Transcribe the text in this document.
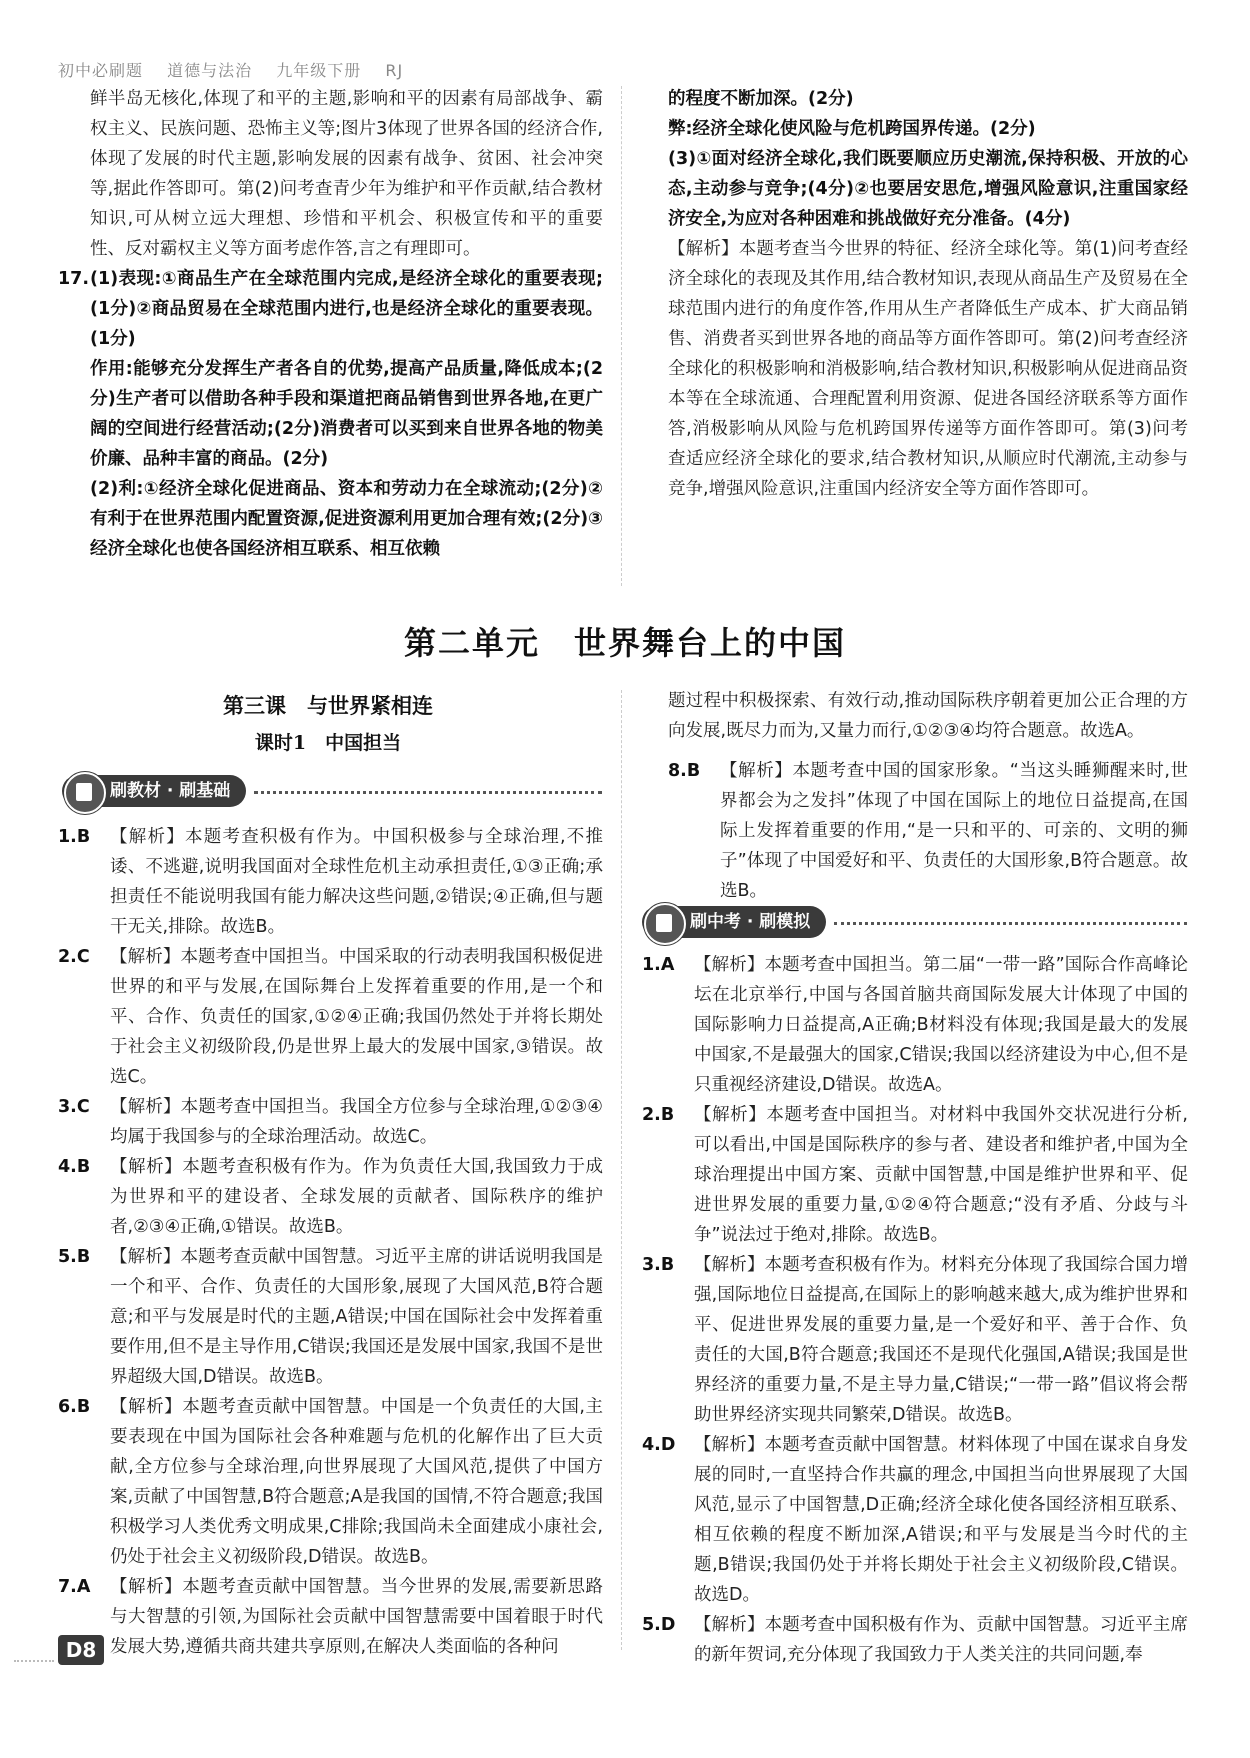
初中必刷题 道德与法治 九年级下册 RJ

鲜半岛无核化,体现了和平的主题,影响和平的因素有局部战争、霸权主义、民族问题、恐怖主义等;图片3体现了世界各国的经济合作,体现了发展的时代主题,影响发展的因素有战争、贫困、社会冲突等,据此作答即可。第(2)问考查青少年为维护和平作贡献,结合教材知识,可从树立远大理想、珍惜和平机会、积极宣传和平的重要性、反对霸权主义等方面考虑作答,言之有理即可。

17. (1)表现:①商品生产在全球范围内完成,是经济全球化的重要表现;(1分)②商品贸易在全球范围内进行,也是经济全球化的重要表现。(1分)

作用:能够充分发挥生产者各自的优势,提高产品质量,降低成本;(2分)生产者可以借助各种手段和渠道把商品销售到世界各地,在更广阔的空间进行经营活动;(2分)消费者可以买到来自世界各地的物美价廉、品种丰富的商品。(2分)

(2)利:①经济全球化促进商品、资本和劳动力在全球流动;(2分)②有利于在世界范围内配置资源,促进资源利用更加合理有效;(2分)③经济全球化也使各国经济相互联系、相互依赖

的程度不断加深。(2分)

弊:经济全球化使风险与危机跨国界传递。(2分)

(3)①面对经济全球化,我们既要顺应历史潮流,保持积极、开放的心态,主动参与竞争;(4分)②也要居安思危,增强风险意识,注重国家经济安全,为应对各种困难和挑战做好充分准备。(4分)

【解析】本题考查当今世界的特征、经济全球化等。第(1)问考查经济全球化的表现及其作用,结合教材知识,表现从商品生产及贸易在全球范围内进行的角度作答,作用从生产者降低生产成本、扩大商品销售、消费者买到世界各地的商品等方面作答即可。第(2)问考查经济全球化的积极影响和消极影响,结合教材知识,积极影响从促进商品资本等在全球流通、合理配置利用资源、促进各国经济联系等方面作答,消极影响从风险与危机跨国界传递等方面作答即可。第(3)问考查适应经济全球化的要求,结合教材知识,从顺应时代潮流,主动参与竞争,增强风险意识,注重国内经济安全等方面作答即可。

第二单元　世界舞台上的中国
第三课　与世界紧相连
课时1　中国担当
刷教材 · 刷基础

1.B	【解析】本题考查积极有作为。中国积极参与全球治理,不推诿、不逃避,说明我国面对全球性危机主动承担责任,①③正确;承担责任不能说明我国有能力解决这些问题,②错误;④正确,但与题干无关,排除。故选B。

2.C	【解析】本题考查中国担当。中国采取的行动表明我国积极促进世界的和平与发展,在国际舞台上发挥着重要的作用,是一个和平、合作、负责任的国家,①②④正确;我国仍然处于并将长期处于社会主义初级阶段,仍是世界上最大的发展中国家,③错误。故选C。

3.C	【解析】本题考查中国担当。我国全方位参与全球治理,①②③④均属于我国参与的全球治理活动。故选C。

4.B	【解析】本题考查积极有作为。作为负责任大国,我国致力于成为世界和平的建设者、全球发展的贡献者、国际秩序的维护者,②③④正确,①错误。故选B。

5.B	【解析】本题考查贡献中国智慧。习近平主席的讲话说明我国是一个和平、合作、负责任的大国形象,展现了大国风范,B符合题意;和平与发展是时代的主题,A错误;中国在国际社会中发挥着重要作用,但不是主导作用,C错误;我国还是发展中国家,我国不是世界超级大国,D错误。故选B。

6.B	【解析】本题考查贡献中国智慧。中国是一个负责任的大国,主要表现在中国为国际社会各种难题与危机的化解作出了巨大贡献,全方位参与全球治理,向世界展现了大国风范,提供了中国方案,贡献了中国智慧,B符合题意;A是我国的国情,不符合题意;我国积极学习人类优秀文明成果,C排除;我国尚未全面建成小康社会,仍处于社会主义初级阶段,D错误。故选B。

7.A	【解析】本题考查贡献中国智慧。当今世界的发展,需要新思路与大智慧的引领,为国际社会贡献中国智慧需要中国着眼于时代发展大势,遵循共商共建共享原则,在解决人类面临的各种问

题过程中积极探索、有效行动,推动国际秩序朝着更加公正合理的方向发展,既尽力而为,又量力而行,①②③④均符合题意。故选A。

8.B	【解析】本题考查中国的国家形象。“当这头睡狮醒来时,世界都会为之发抖”体现了中国在国际上的地位日益提高,在国际上发挥着重要的作用,“是一只和平的、可亲的、文明的狮子”体现了中国爱好和平、负责任的大国形象,B符合题意。故选B。

刷中考 · 刷模拟

1.A	【解析】本题考查中国担当。第二届“一带一路”国际合作高峰论坛在北京举行,中国与各国首脑共商国际发展大计体现了中国的国际影响力日益提高,A正确;B材料没有体现;我国是最大的发展中国家,不是最强大的国家,C错误;我国以经济建设为中心,但不是只重视经济建设,D错误。故选A。

2.B	【解析】本题考查中国担当。对材料中我国外交状况进行分析,可以看出,中国是国际秩序的参与者、建设者和维护者,中国为全球治理提出中国方案、贡献中国智慧,中国是维护世界和平、促进世界发展的重要力量,①②④符合题意;“没有矛盾、分歧与斗争”说法过于绝对,排除。故选B。

3.B	【解析】本题考查积极有作为。材料充分体现了我国综合国力增强,国际地位日益提高,在国际上的影响越来越大,成为维护世界和平、促进世界发展的重要力量,是一个爱好和平、善于合作、负责任的大国,B符合题意;我国还不是现代化强国,A错误;我国是世界经济的重要力量,不是主导力量,C错误;“一带一路”倡议将会帮助世界经济实现共同繁荣,D错误。故选B。

4.D	【解析】本题考查贡献中国智慧。材料体现了中国在谋求自身发展的同时,一直坚持合作共赢的理念,中国担当向世界展现了大国风范,显示了中国智慧,D正确;经济全球化使各国经济相互联系、相互依赖的程度不断加深,A错误;和平与发展是当今时代的主题,B错误;我国仍处于并将长期处于社会主义初级阶段,C错误。故选D。

5.D	【解析】本题考查中国积极有作为、贡献中国智慧。习近平主席的新年贺词,充分体现了我国致力于人类关注的共同问题,奉

D8
